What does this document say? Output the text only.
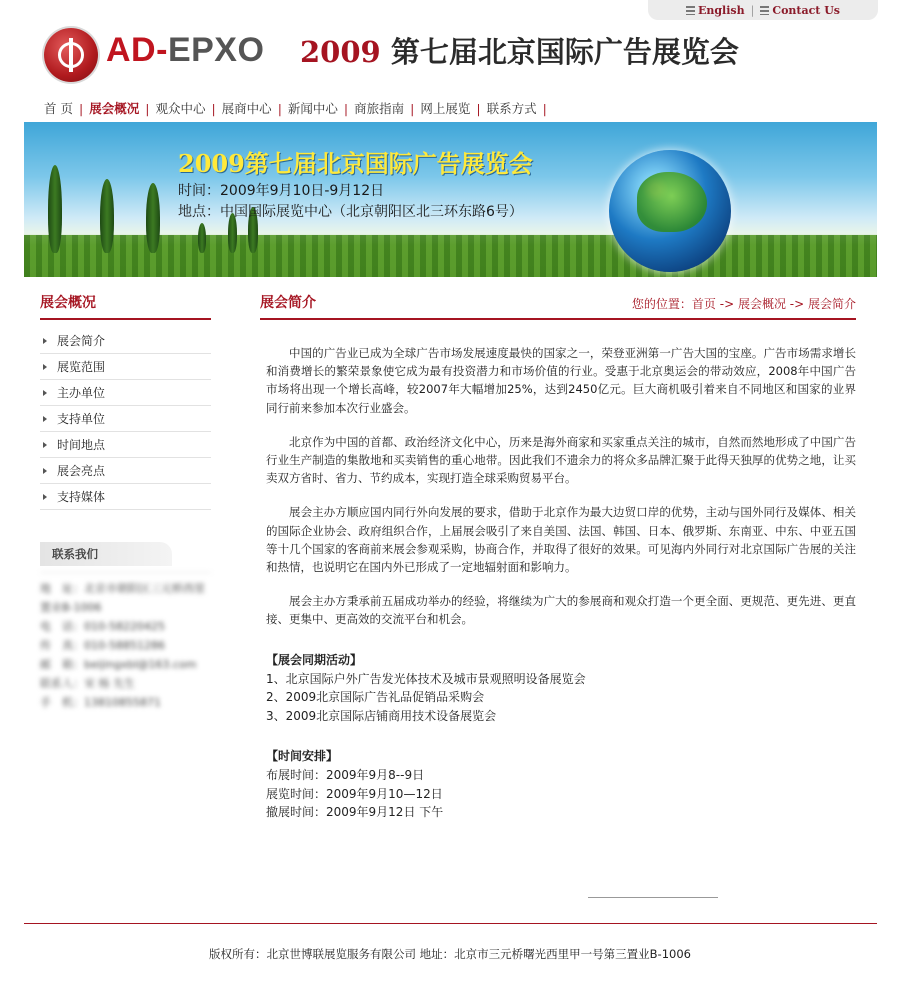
English | Contact Us
AD-EPXO 2009 第七届北京国际广告展览会
首 页 | 展会概况 | 观众中心 | 展商中心 | 新闻中心 | 商旅指南 | 网上展览 | 联系方式 |
2009第七届北京国际广告展览会
时间：2009年9月10日-9月12日
地点：中国国际展览中心（北京朝阳区北三环东路6号）
展会概况
展会简介
展览范围
主办单位
支持单位
时间地点
展会亮点
支持媒体
联系我们
地　址：北京市朝阳区三元桥西里
置业B-1006
电　话：010-58220425
传　真：010-58851286
邮　箱：beijingxbl@163.com
联系人：宋 杨 先生
手　机：13810855871
展会简介	您的位置：首页 -> 展会概况 -> 展会简介

中国的广告业已成为全球广告市场发展速度最快的国家之一，荣登亚洲第一广告大国的宝座。广告市场需求增长和消费增长的繁荣景象使它成为最有投资潜力和市场价值的行业。受惠于北京奥运会的带动效应，2008年中国广告市场将出现一个增长高峰，较2007年大幅增加25%，达到2450亿元。巨大商机吸引着来自不同地区和国家的业界同行前来参加本次行业盛会。

北京作为中国的首都、政治经济文化中心，历来是海外商家和买家重点关注的城市，自然而然地形成了中国广告行业生产制造的集散地和买卖销售的重心地带。因此我们不遗余力的将众多品牌汇聚于此得天独厚的优势之地，让买卖双方省时、省力、节约成本，实现打造全球采购贸易平台。

展会主办方顺应国内同行外向发展的要求，借助于北京作为最大边贸口岸的优势，主动与国外同行及媒体、相关的国际企业协会、政府组织合作，上届展会吸引了来自美国、法国、韩国、日本、俄罗斯、东南亚、中东、中亚五国等十几个国家的客商前来展会参观采购，协商合作，并取得了很好的效果。可见海内外同行对北京国际广告展的关注和热情，也说明它在国内外已形成了一定地辐射面和影响力。

展会主办方秉承前五届成功举办的经验，将继续为广大的参展商和观众打造一个更全面、更规范、更先进、更直接、更集中、更高效的交流平台和机会。

【展会同期活动】
1、北京国际户外广告发光体技术及城市景观照明设备展览会
2、2009北京国际广告礼品促销品采购会
3、2009北京国际店铺商用技术设备展览会
【时间安排】
布展时间：2009年9月8--9日
展览时间：2009年9月10—12日
撤展时间：2009年9月12日 下午
版权所有：北京世博联展览服务有限公司 地址：北京市三元桥曙光西里甲一号第三置业B-1006
